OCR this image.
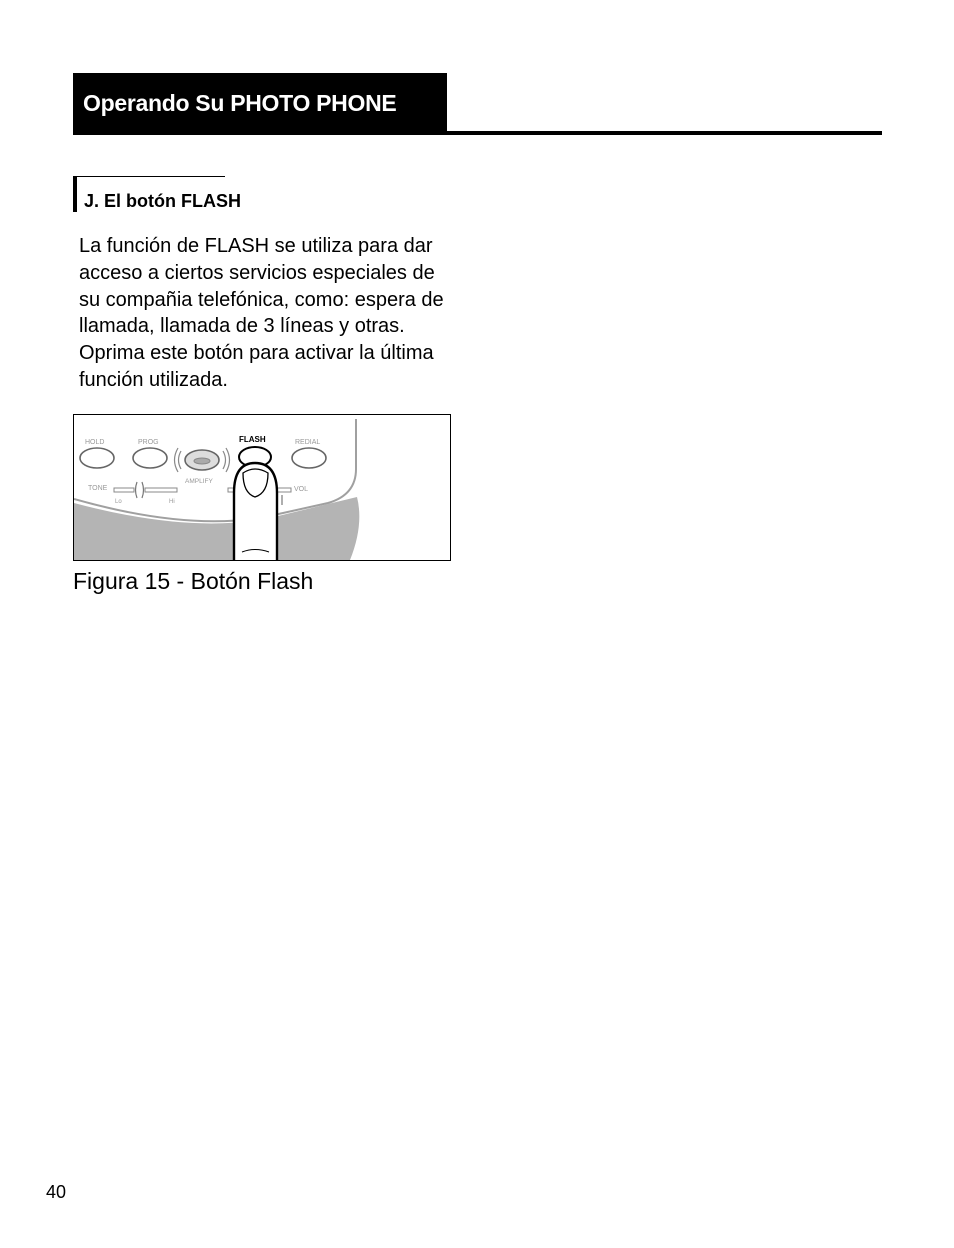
Operando Su PHOTO PHONE
J. El botón FLASH
La función de FLASH se utiliza para dar
acceso a ciertos servicios especiales de
su compañia telefónica, como: espera de
llamada, llamada de 3 líneas y otras.
Oprima este botón para activar la última
función utilizada.
HOLD	PROG	FLASH	REDIAL
TONE
Lo	Hi
AMPLIFY
VOL
Figura 15 - Botón Flash
40
